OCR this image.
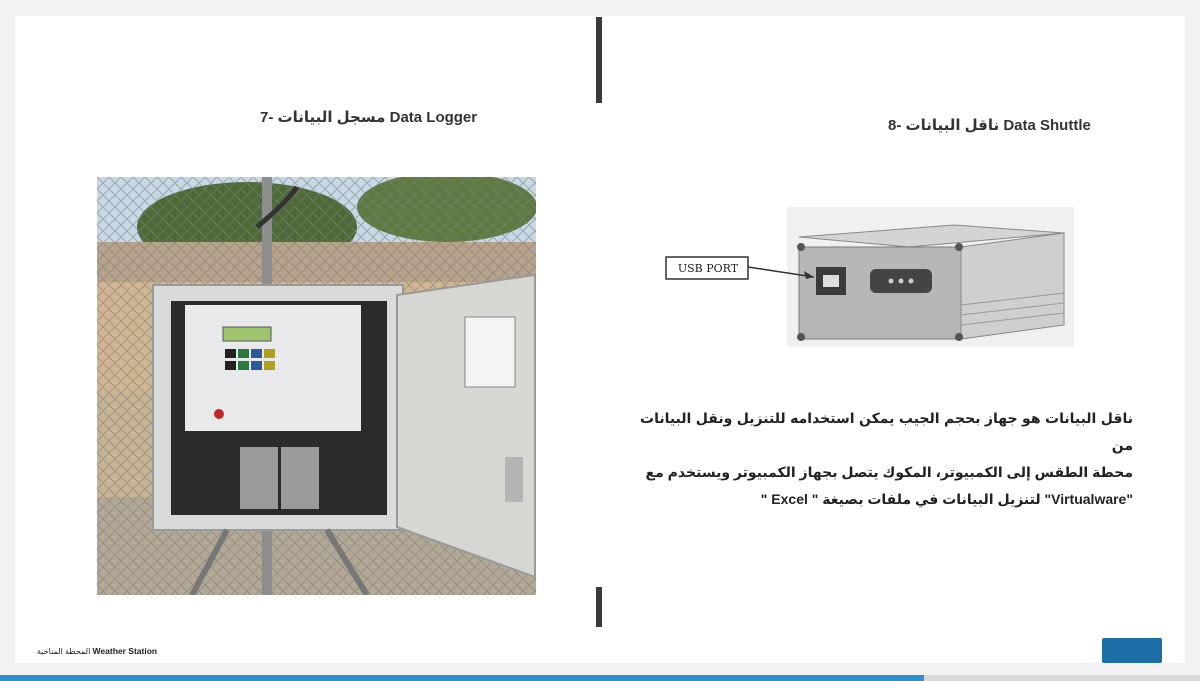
7- مسجل البيانات Data Logger	8- ناقل البيانات Data Shuttle
USB PORT
ناقل البيانات هو جهاز بحجم الجيب يمكن استخدامه للتنزيل ونقل البيانات من
محطة الطقس إلى الكمبيوتر، المكوك يتصل بجهاز الكمبيوتر ويستخدم مع
"Virtualware" لتنزيل البيانات في ملفات بصيغة " Excel "
المحطة المناخية Weather Station
